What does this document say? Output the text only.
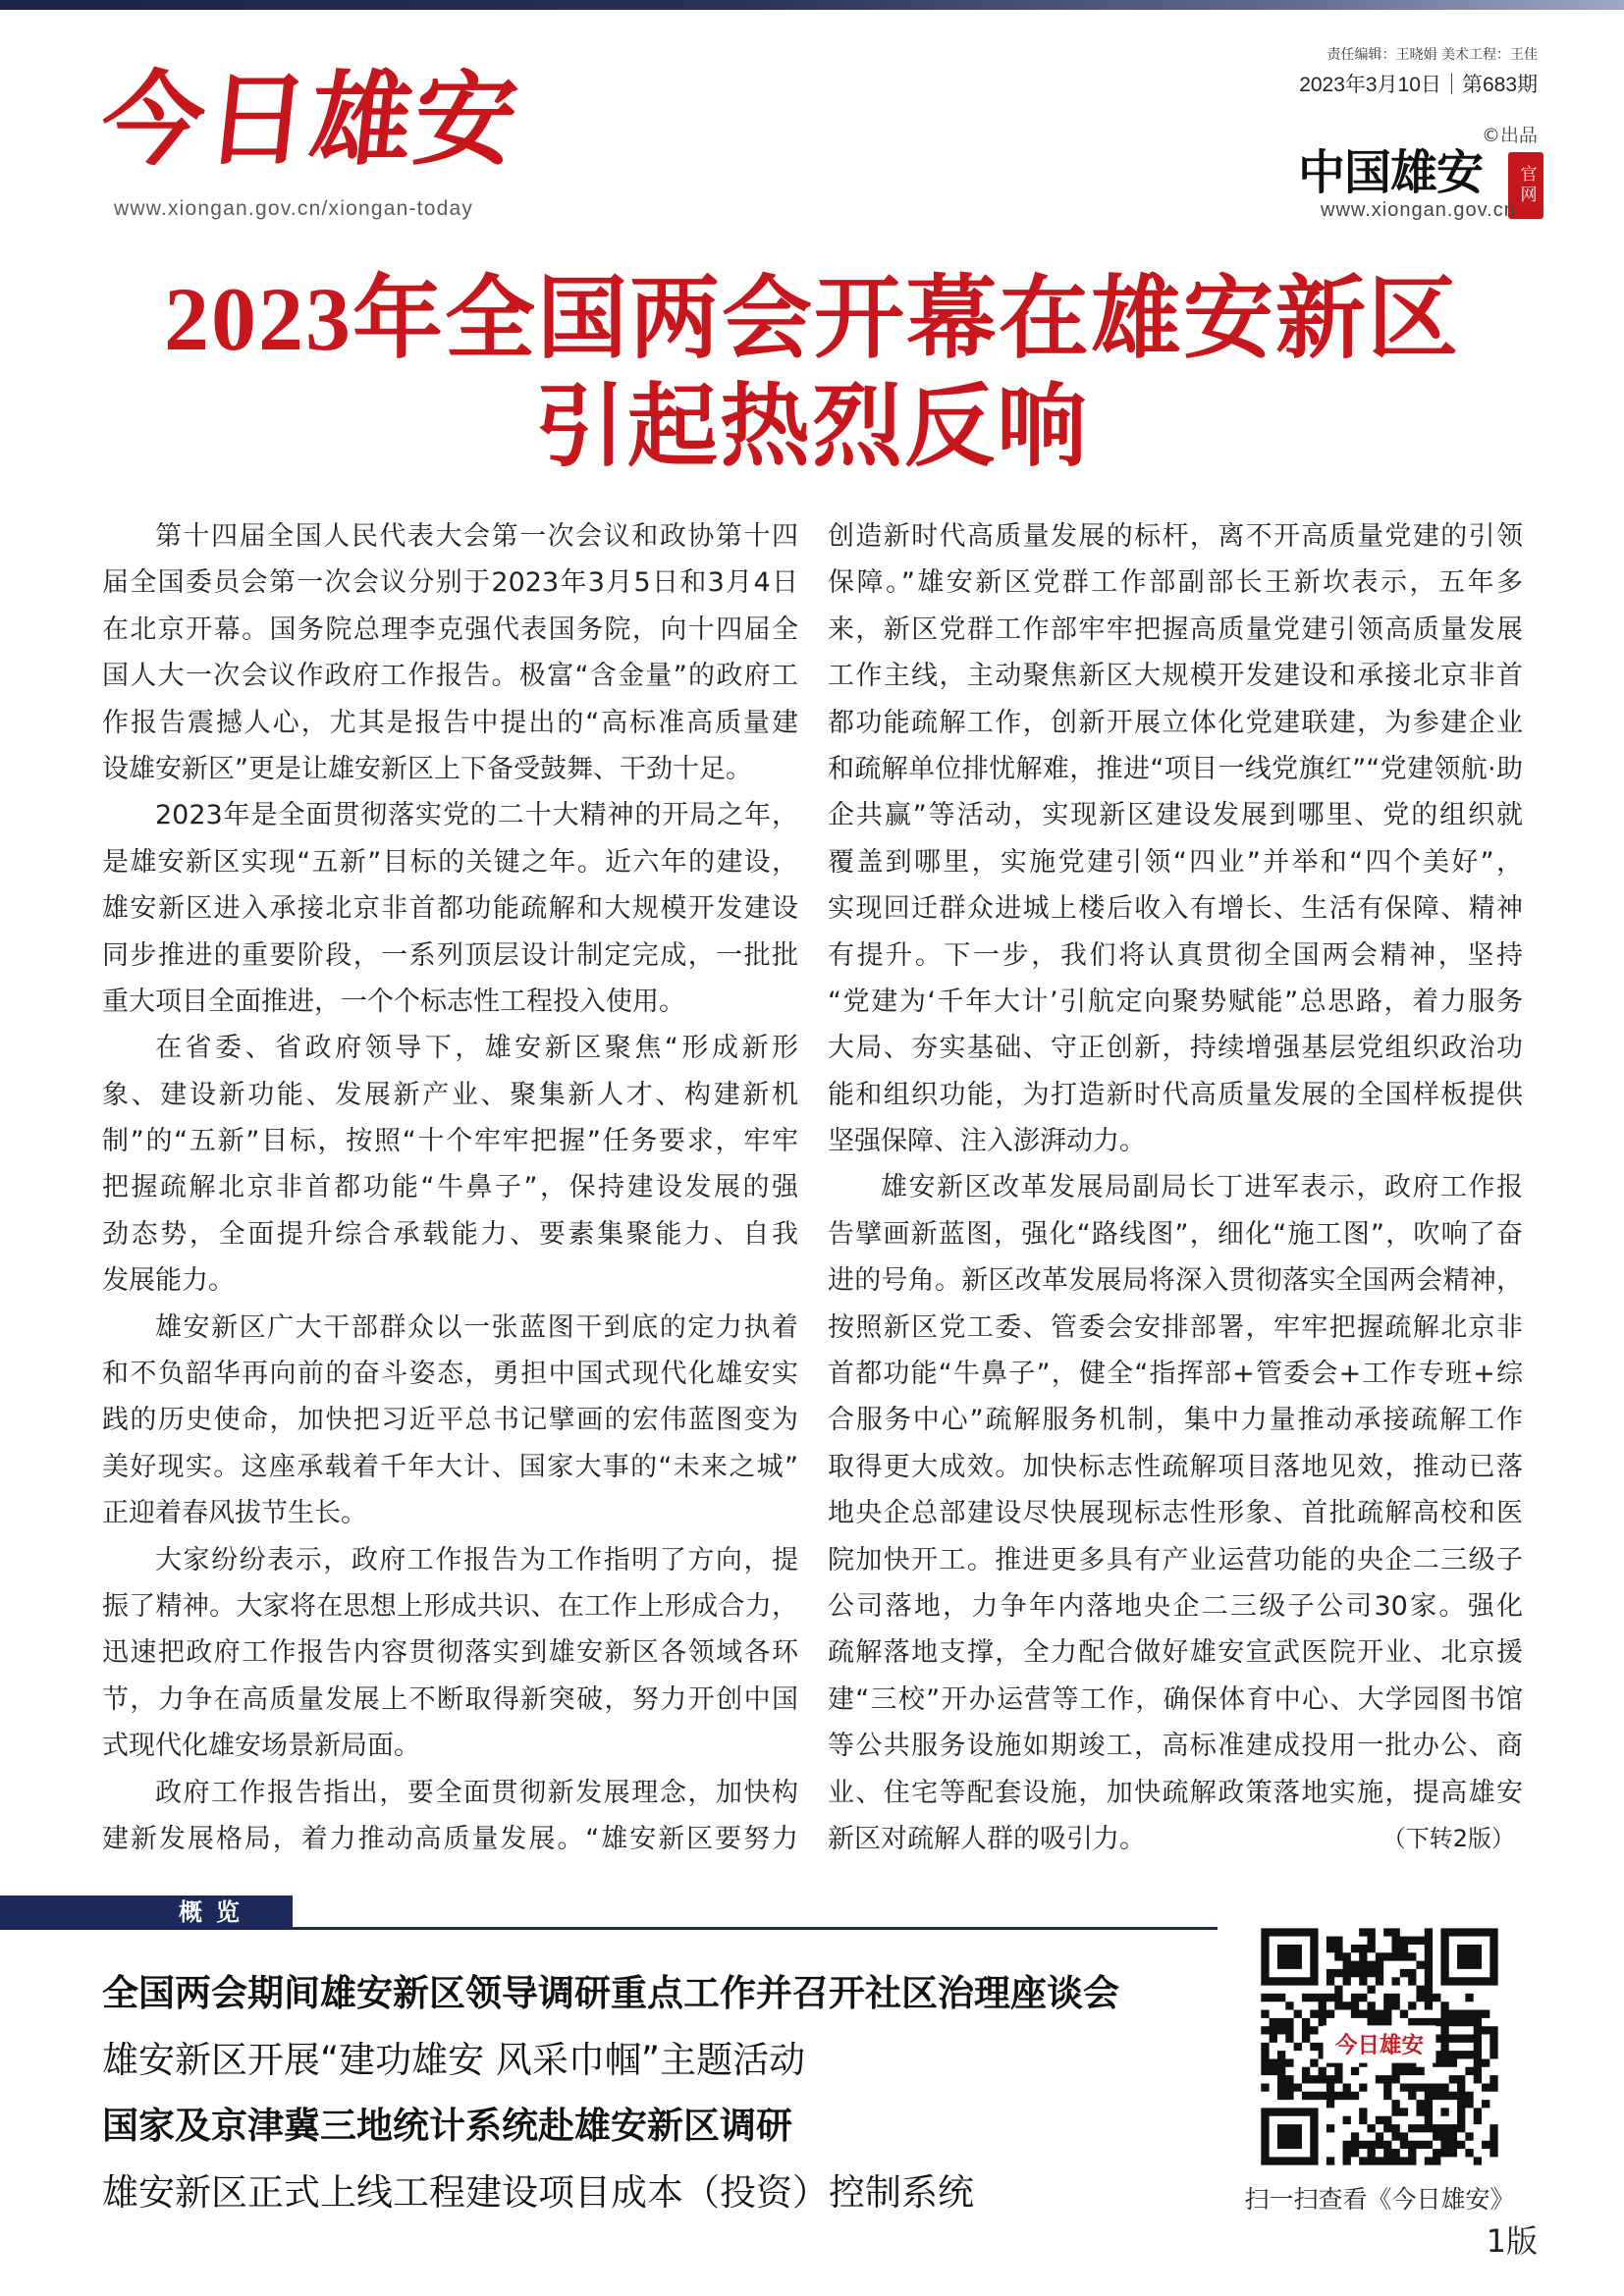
今日雄安
www.xiongan.gov.cn/xiongan-today
责任编辑：王晓娟 美术工程：王佳
2023年3月10日｜第683期
©出品
中国雄安	官网
www.xiongan.gov.cn
2023年全国两会开幕在雄安新区
引起热烈反响
第十四届全国人民代表大会第一次会议和政协第十四
届全国委员会第一次会议分别于2023年3月5日和3月4日
在北京开幕。国务院总理李克强代表国务院，向十四届全
国人大一次会议作政府工作报告。极富“含金量”的政府工
作报告震撼人心，尤其是报告中提出的“高标准高质量建
设雄安新区”更是让雄安新区上下备受鼓舞、干劲十足。
2023年是全面贯彻落实党的二十大精神的开局之年，
是雄安新区实现“五新”目标的关键之年。近六年的建设，
雄安新区进入承接北京非首都功能疏解和大规模开发建设
同步推进的重要阶段，一系列顶层设计制定完成，一批批
重大项目全面推进，一个个标志性工程投入使用。
在省委、省政府领导下，雄安新区聚焦“形成新形
象、建设新功能、发展新产业、聚集新人才、构建新机
制”的“五新”目标，按照“十个牢牢把握”任务要求，牢牢
把握疏解北京非首都功能“牛鼻子”，保持建设发展的强
劲态势，全面提升综合承载能力、要素集聚能力、自我
发展能力。
雄安新区广大干部群众以一张蓝图干到底的定力执着
和不负韶华再向前的奋斗姿态，勇担中国式现代化雄安实
践的历史使命，加快把习近平总书记擘画的宏伟蓝图变为
美好现实。这座承载着千年大计、国家大事的“未来之城”
正迎着春风拔节生长。
大家纷纷表示，政府工作报告为工作指明了方向，提
振了精神。大家将在思想上形成共识、在工作上形成合力，
迅速把政府工作报告内容贯彻落实到雄安新区各领域各环
节，力争在高质量发展上不断取得新突破，努力开创中国
式现代化雄安场景新局面。
政府工作报告指出，要全面贯彻新发展理念，加快构
建新发展格局，着力推动高质量发展。“雄安新区要努力
创造新时代高质量发展的标杆，离不开高质量党建的引领
保障。”雄安新区党群工作部副部长王新坎表示，五年多
来，新区党群工作部牢牢把握高质量党建引领高质量发展
工作主线，主动聚焦新区大规模开发建设和承接北京非首
都功能疏解工作，创新开展立体化党建联建，为参建企业
和疏解单位排忧解难，推进“项目一线党旗红”“党建领航·助
企共赢”等活动，实现新区建设发展到哪里、党的组织就
覆盖到哪里，实施党建引领“四业”并举和“四个美好”，
实现回迁群众进城上楼后收入有增长、生活有保障、精神
有提升。下一步，我们将认真贯彻全国两会精神，坚持
“党建为‘千年大计’引航定向聚势赋能”总思路，着力服务
大局、夯实基础、守正创新，持续增强基层党组织政治功
能和组织功能，为打造新时代高质量发展的全国样板提供
坚强保障、注入澎湃动力。
雄安新区改革发展局副局长丁进军表示，政府工作报
告擘画新蓝图，强化“路线图”，细化“施工图”，吹响了奋
进的号角。新区改革发展局将深入贯彻落实全国两会精神，
按照新区党工委、管委会安排部署，牢牢把握疏解北京非
首都功能“牛鼻子”，健全“指挥部+管委会+工作专班+综
合服务中心”疏解服务机制，集中力量推动承接疏解工作
取得更大成效。加快标志性疏解项目落地见效，推动已落
地央企总部建设尽快展现标志性形象、首批疏解高校和医
院加快开工。推进更多具有产业运营功能的央企二三级子
公司落地，力争年内落地央企二三级子公司30家。强化
疏解落地支撑，全力配合做好雄安宣武医院开业、北京援
建“三校”开办运营等工作，确保体育中心、大学园图书馆
等公共服务设施如期竣工，高标准建成投用一批办公、商
业、住宅等配套设施，加快疏解政策落地实施，提高雄安
新区对疏解人群的吸引力。	（下转2版）
概览
全国两会期间雄安新区领导调研重点工作并召开社区治理座谈会
雄安新区开展“建功雄安 风采巾帼”主题活动
国家及京津冀三地统计系统赴雄安新区调研
雄安新区正式上线工程建设项目成本（投资）控制系统
今日雄安
扫一扫查看《今日雄安》
1版
